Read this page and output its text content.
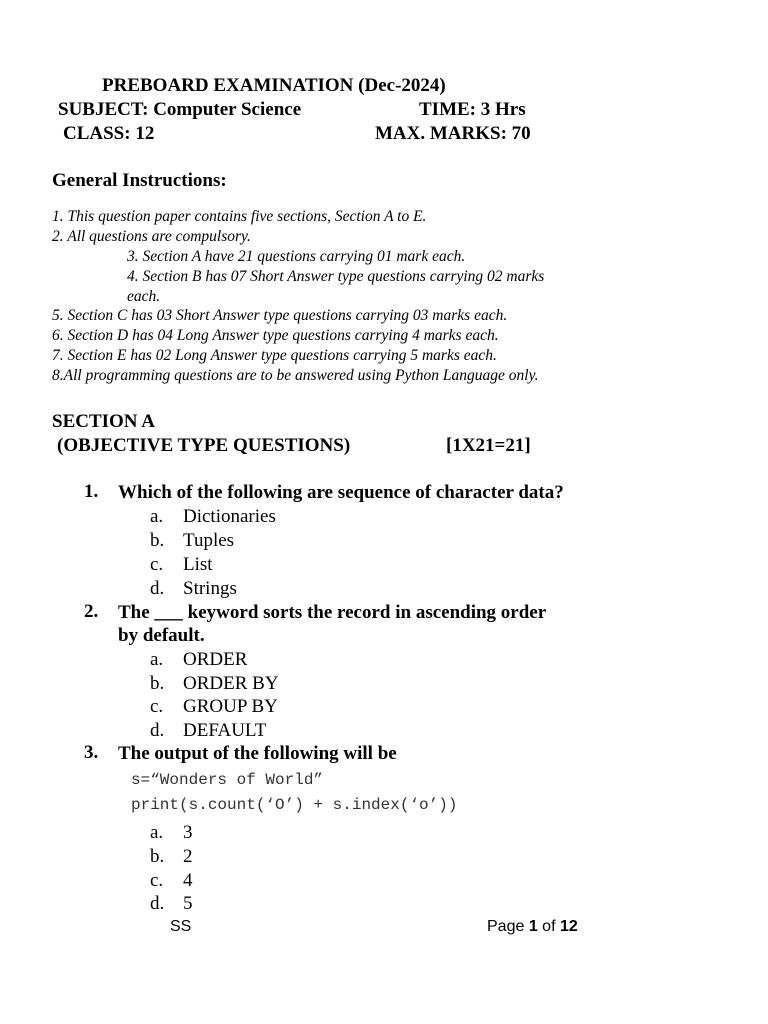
PREBOARD EXAMINATION (Dec-2024)
SUBJECT: Computer Science	TIME: 3 Hrs
CLASS: 12	MAX. MARKS: 70
General Instructions:
1. This question paper contains five sections, Section A to E.
2. All questions are compulsory.
3. Section A have 21 questions carrying 01 mark each.
4. Section B has 07 Short Answer type questions carrying 02 marks
each.
5. Section C has 03 Short Answer type questions carrying 03 marks each.
6. Section D has 04 Long Answer type questions carrying 4 marks each.
7. Section E has 02 Long Answer type questions carrying 5 marks each.
8.All programming questions are to be answered using Python Language only.
SECTION A
(OBJECTIVE TYPE QUESTIONS)	[1X21=21]
1. Which of the following are sequence of character data?
a. Dictionaries
b. Tuples
c. List
d. Strings
2. The ___ keyword sorts the record in ascending order
by default.
a. ORDER
b. ORDER BY
c. GROUP BY
d. DEFAULT
3. The output of the following will be
s=“Wonders of World”
print(s.count(‘O’) + s.index(‘o’))
a. 3
b. 2
c. 4
d. 5
SS	Page 1 of 12
